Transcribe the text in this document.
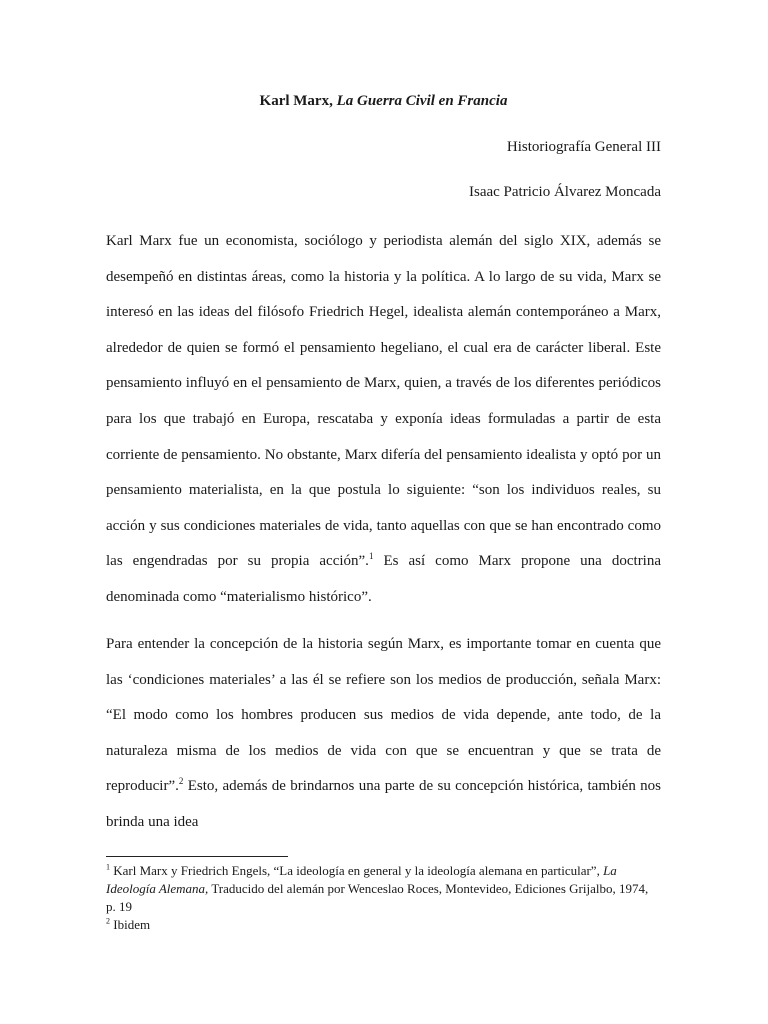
Karl Marx, La Guerra Civil en Francia
Historiografía General III
Isaac Patricio Álvarez Moncada

Karl Marx fue un economista, sociólogo y periodista alemán del siglo XIX, además se desempeñó en distintas áreas, como la historia y la política. A lo largo de su vida, Marx se interesó en las ideas del filósofo Friedrich Hegel, idealista alemán contemporáneo a Marx, alrededor de quien se formó el pensamiento hegeliano, el cual era de carácter liberal. Este pensamiento influyó en el pensamiento de Marx, quien, a través de los diferentes periódicos para los que trabajó en Europa, rescataba y exponía ideas formuladas a partir de esta corriente de pensamiento. No obstante, Marx difería del pensamiento idealista y optó por un pensamiento materialista, en la que postula lo siguiente: “son los individuos reales, su acción y sus condiciones materiales de vida, tanto aquellas con que se han encontrado como las engendradas por su propia acción”.$^1$ Es así como Marx propone una doctrina denominada como “materialismo histórico”.

Para entender la concepción de la historia según Marx, es importante tomar en cuenta que las ‘condiciones materiales’ a las él se refiere son los medios de producción, señala Marx: “El modo como los hombres producen sus medios de vida depende, ante todo, de la naturaleza misma de los medios de vida con que se encuentran y que se trata de reproducir”.$^2$ Esto, además de brindarnos una parte de su concepción histórica, también nos brinda una idea

$^1$ Karl Marx y Friedrich Engels, “La ideología en general y la ideología alemana en particular”, La Ideología Alemana, Traducido del alemán por Wenceslao Roces, Montevideo, Ediciones Grijalbo, 1974, p. 19

$^2$ Ibidem
